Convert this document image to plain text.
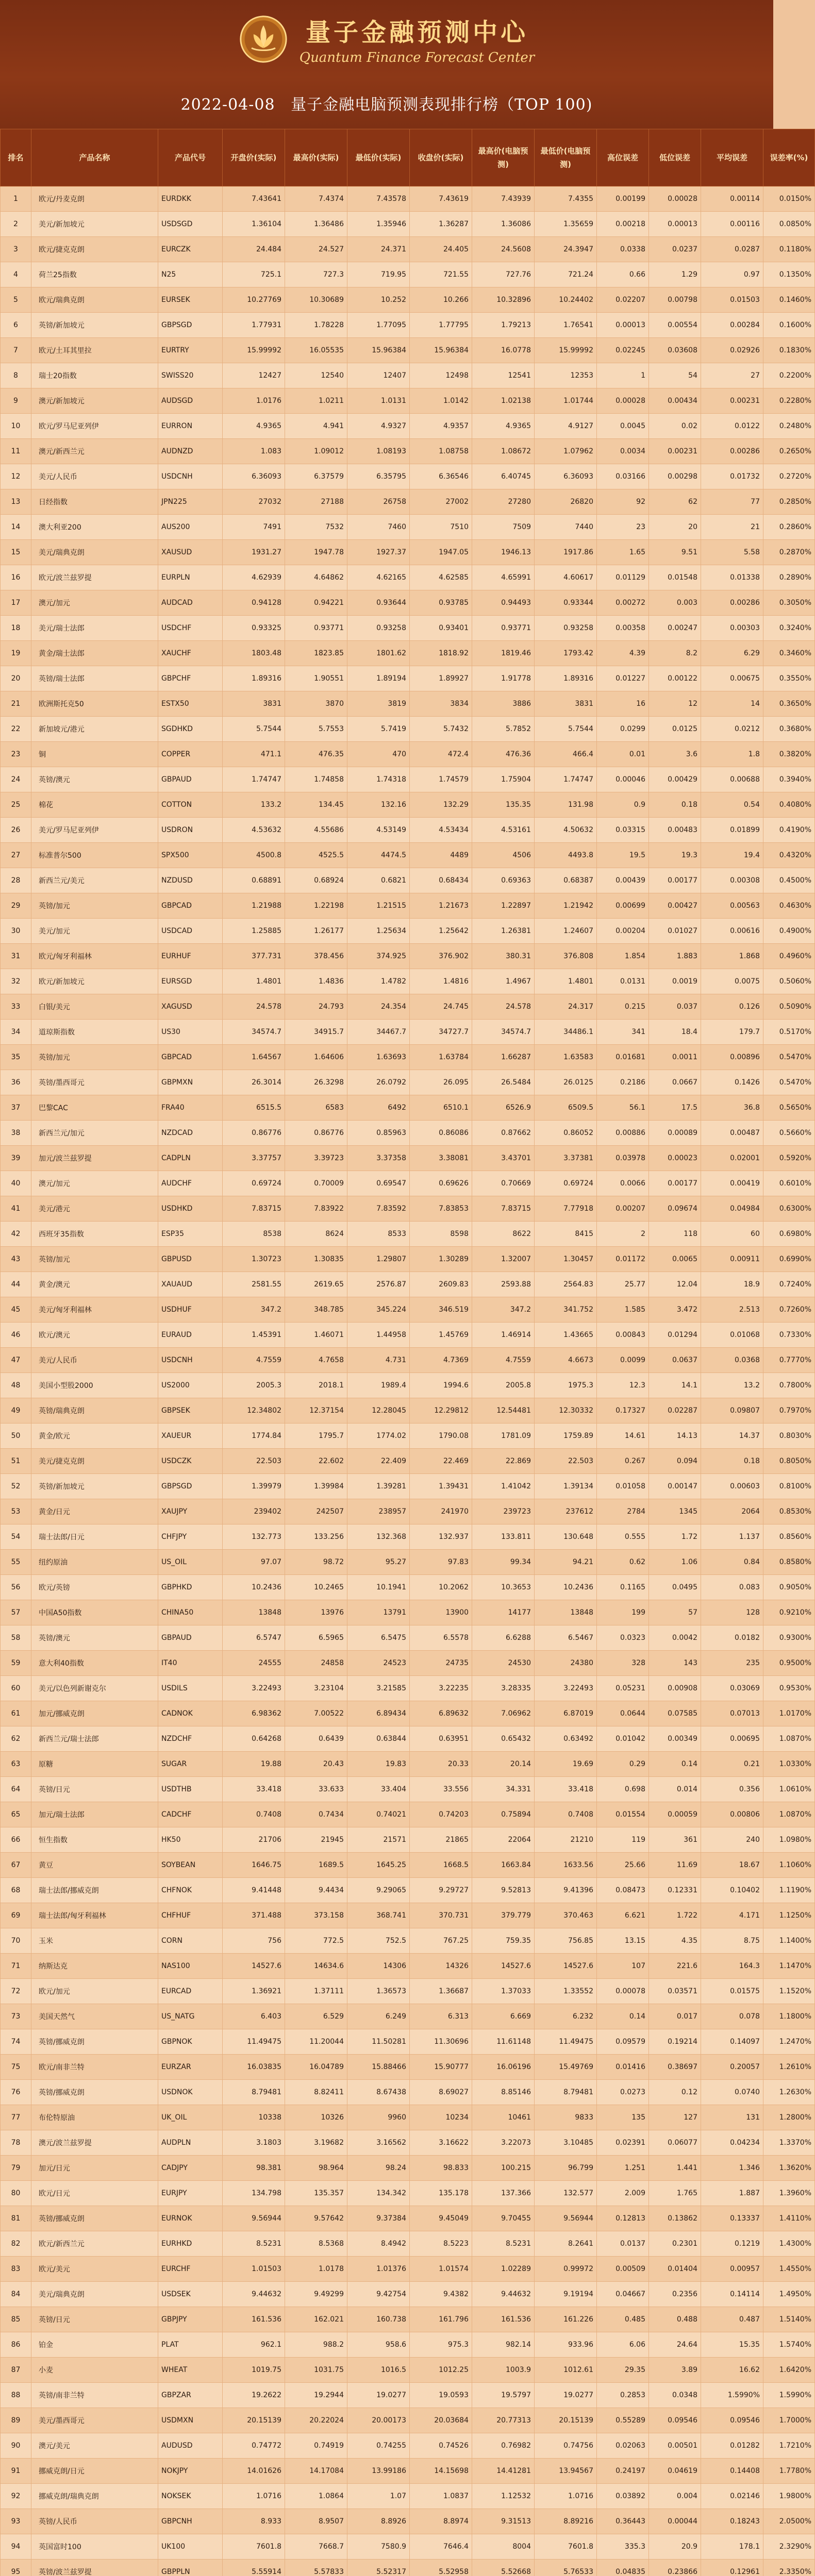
量子金融预测中心
Quantum Finance Forecast Center
2022-04-08 量子金融电脑预测表现排行榜（TOP 100)
排名	产品名称	产品代号	开盘价(实际)	最高价(实际)	最低价(实际)	收盘价(实际)	最高价(电脑预测)	最低价(电脑预测)	高位误差	低位误差	平均误差	误差率(%)
1	欧元/丹麦克朗	EURDKK	7.43641	7.4374	7.43578	7.43619	7.43939	7.4355	0.00199	0.00028	0.00114	0.0150%
2	美元/新加坡元	USDSGD	1.36104	1.36486	1.35946	1.36287	1.36086	1.35659	0.00218	0.00013	0.00116	0.0850%
3	欧元/捷克克朗	EURCZK	24.484	24.527	24.371	24.405	24.5608	24.3947	0.0338	0.0237	0.0287	0.1180%
4	荷兰25指数	N25	725.1	727.3	719.95	721.55	727.76	721.24	0.66	1.29	0.97	0.1350%
5	欧元/瑞典克朗	EURSEK	10.27769	10.30689	10.252	10.266	10.32896	10.24402	0.02207	0.00798	0.01503	0.1460%
6	英镑/新加坡元	GBPSGD	1.77931	1.78228	1.77095	1.77795	1.79213	1.76541	0.00013	0.00554	0.00284	0.1600%
7	欧元/土耳其里拉	EURTRY	15.99992	16.05535	15.96384	15.96384	16.0778	15.99992	0.02245	0.03608	0.02926	0.1830%
8	瑞士20指数	SWISS20	12427	12540	12407	12498	12541	12353	1	54	27	0.2200%
9	澳元/新加坡元	AUDSGD	1.0176	1.0211	1.0131	1.0142	1.02138	1.01744	0.00028	0.00434	0.00231	0.2280%
10	欧元/罗马尼亚列伊	EURRON	4.9365	4.941	4.9327	4.9357	4.9365	4.9127	0.0045	0.02	0.0122	0.2480%
11	澳元/新西兰元	AUDNZD	1.083	1.09012	1.08193	1.08758	1.08672	1.07962	0.0034	0.00231	0.00286	0.2650%
12	美元/人民币	USDCNH	6.36093	6.37579	6.35795	6.36546	6.40745	6.36093	0.03166	0.00298	0.01732	0.2720%
13	日经指数	JPN225	27032	27188	26758	27002	27280	26820	92	62	77	0.2850%
14	澳大利亚200	AUS200	7491	7532	7460	7510	7509	7440	23	20	21	0.2860%
15	美元/瑞典克朗	XAUSUD	1931.27	1947.78	1927.37	1947.05	1946.13	1917.86	1.65	9.51	5.58	0.2870%
16	欧元/波兰兹罗提	EURPLN	4.62939	4.64862	4.62165	4.62585	4.65991	4.60617	0.01129	0.01548	0.01338	0.2890%
17	澳元/加元	AUDCAD	0.94128	0.94221	0.93644	0.93785	0.94493	0.93344	0.00272	0.003	0.00286	0.3050%
18	美元/瑞士法郎	USDCHF	0.93325	0.93771	0.93258	0.93401	0.93771	0.93258	0.00358	0.00247	0.00303	0.3240%
19	黄金/瑞士法郎	XAUCHF	1803.48	1823.85	1801.62	1818.92	1819.46	1793.42	4.39	8.2	6.29	0.3460%
20	英镑/瑞士法郎	GBPCHF	1.89316	1.90551	1.89194	1.89927	1.91778	1.89316	0.01227	0.00122	0.00675	0.3550%
21	欧洲斯托克50	ESTX50	3831	3870	3819	3834	3886	3831	16	12	14	0.3650%
22	新加坡元/港元	SGDHKD	5.7544	5.7553	5.7419	5.7432	5.7852	5.7544	0.0299	0.0125	0.0212	0.3680%
23	铜	COPPER	471.1	476.35	470	472.4	476.36	466.4	0.01	3.6	1.8	0.3820%
24	英镑/澳元	GBPAUD	1.74747	1.74858	1.74318	1.74579	1.75904	1.74747	0.00046	0.00429	0.00688	0.3940%
25	棉花	COTTON	133.2	134.45	132.16	132.29	135.35	131.98	0.9	0.18	0.54	0.4080%
26	美元/罗马尼亚列伊	USDRON	4.53632	4.55686	4.53149	4.53434	4.53161	4.50632	0.03315	0.00483	0.01899	0.4190%
27	标准普尔500	SPX500	4500.8	4525.5	4474.5	4489	4506	4493.8	19.5	19.3	19.4	0.4320%
28	新西兰元/美元	NZDUSD	0.68891	0.68924	0.6821	0.68434	0.69363	0.68387	0.00439	0.00177	0.00308	0.4500%
29	英镑/加元	GBPCAD	1.21988	1.22198	1.21515	1.21673	1.22897	1.21942	0.00699	0.00427	0.00563	0.4630%
30	美元/加元	USDCAD	1.25885	1.26177	1.25634	1.25642	1.26381	1.24607	0.00204	0.01027	0.00616	0.4900%
31	欧元/匈牙利福林	EURHUF	377.731	378.456	374.925	376.902	380.31	376.808	1.854	1.883	1.868	0.4960%
32	欧元/新加坡元	EURSGD	1.4801	1.4836	1.4782	1.4816	1.4967	1.4801	0.0131	0.0019	0.0075	0.5060%
33	白银/美元	XAGUSD	24.578	24.793	24.354	24.745	24.578	24.317	0.215	0.037	0.126	0.5090%
34	道琼斯指数	US30	34574.7	34915.7	34467.7	34727.7	34574.7	34486.1	341	18.4	179.7	0.5170%
35	英镑/加元	GBPCAD	1.64567	1.64606	1.63693	1.63784	1.66287	1.63583	0.01681	0.0011	0.00896	0.5470%
36	英镑/墨西哥元	GBPMXN	26.3014	26.3298	26.0792	26.095	26.5484	26.0125	0.2186	0.0667	0.1426	0.5470%
37	巴黎CAC	FRA40	6515.5	6583	6492	6510.1	6526.9	6509.5	56.1	17.5	36.8	0.5650%
38	新西兰元/加元	NZDCAD	0.86776	0.86776	0.85963	0.86086	0.87662	0.86052	0.00886	0.00089	0.00487	0.5660%
39	加元/波兰兹罗提	CADPLN	3.37757	3.39723	3.37358	3.38081	3.43701	3.37381	0.03978	0.00023	0.02001	0.5920%
40	澳元/加元	AUDCHF	0.69724	0.70009	0.69547	0.69626	0.70669	0.69724	0.0066	0.00177	0.00419	0.6010%
41	美元/港元	USDHKD	7.83715	7.83922	7.83592	7.83853	7.83715	7.77918	0.00207	0.09674	0.04984	0.6300%
42	西班牙35指数	ESP35	8538	8624	8533	8598	8622	8415	2	118	60	0.6980%
43	英镑/加元	GBPUSD	1.30723	1.30835	1.29807	1.30289	1.32007	1.30457	0.01172	0.0065	0.00911	0.6990%
44	黄金/澳元	XAUAUD	2581.55	2619.65	2576.87	2609.83	2593.88	2564.83	25.77	12.04	18.9	0.7240%
45	美元/匈牙利福林	USDHUF	347.2	348.785	345.224	346.519	347.2	341.752	1.585	3.472	2.513	0.7260%
46	欧元/澳元	EURAUD	1.45391	1.46071	1.44958	1.45769	1.46914	1.43665	0.00843	0.01294	0.01068	0.7330%
47	美元/人民币	USDCNH	4.7559	4.7658	4.731	4.7369	4.7559	4.6673	0.0099	0.0637	0.0368	0.7770%
48	美国小型股2000	US2000	2005.3	2018.1	1989.4	1994.6	2005.8	1975.3	12.3	14.1	13.2	0.7800%
49	英镑/瑞典克朗	GBPSEK	12.34802	12.37154	12.28045	12.29812	12.54481	12.30332	0.17327	0.02287	0.09807	0.7970%
50	黄金/欧元	XAUEUR	1774.84	1795.7	1774.02	1790.08	1781.09	1759.89	14.61	14.13	14.37	0.8030%
51	美元/捷克克朗	USDCZK	22.503	22.602	22.409	22.469	22.869	22.503	0.267	0.094	0.18	0.8050%
52	英镑/新加坡元	GBPSGD	1.39979	1.39984	1.39281	1.39431	1.41042	1.39134	0.01058	0.00147	0.00603	0.8100%
53	黄金/日元	XAUJPY	239402	242507	238957	241970	239723	237612	2784	1345	2064	0.8530%
54	瑞士法郎/日元	CHFJPY	132.773	133.256	132.368	132.937	133.811	130.648	0.555	1.72	1.137	0.8560%
55	纽约原油	US_OIL	97.07	98.72	95.27	97.83	99.34	94.21	0.62	1.06	0.84	0.8580%
56	欧元/英镑	GBPHKD	10.2436	10.2465	10.1941	10.2062	10.3653	10.2436	0.1165	0.0495	0.083	0.9050%
57	中国A50指数	CHINA50	13848	13976	13791	13900	14177	13848	199	57	128	0.9210%
58	英镑/澳元	GBPAUD	6.5747	6.5965	6.5475	6.5578	6.6288	6.5467	0.0323	0.0042	0.0182	0.9300%
59	意大利40指数	IT40	24555	24858	24523	24735	24530	24380	328	143	235	0.9500%
60	美元/以色列新谢克尔	USDILS	3.22493	3.23104	3.21585	3.22235	3.28335	3.22493	0.05231	0.00908	0.03069	0.9530%
61	加元/挪威克朗	CADNOK	6.98362	7.00522	6.89434	6.89632	7.06962	6.87019	0.0644	0.07585	0.07013	1.0170%
62	新西兰元/瑞士法郎	NZDCHF	0.64268	0.6439	0.63844	0.63951	0.65432	0.63492	0.01042	0.00349	0.00695	1.0870%
63	原糖	SUGAR	19.88	20.43	19.83	20.33	20.14	19.69	0.29	0.14	0.21	1.0330%
64	英镑/日元	USDTHB	33.418	33.633	33.404	33.556	34.331	33.418	0.698	0.014	0.356	1.0610%
65	加元/瑞士法郎	CADCHF	0.7408	0.7434	0.74021	0.74203	0.75894	0.7408	0.01554	0.00059	0.00806	1.0870%
66	恒生指数	HK50	21706	21945	21571	21865	22064	21210	119	361	240	1.0980%
67	黄豆	SOYBEAN	1646.75	1689.5	1645.25	1668.5	1663.84	1633.56	25.66	11.69	18.67	1.1060%
68	瑞士法郎/挪威克朗	CHFNOK	9.41448	9.4434	9.29065	9.29727	9.52813	9.41396	0.08473	0.12331	0.10402	1.1190%
69	瑞士法郎/匈牙利福林	CHFHUF	371.488	373.158	368.741	370.731	379.779	370.463	6.621	1.722	4.171	1.1250%
70	玉米	CORN	756	772.5	752.5	767.25	759.35	756.85	13.15	4.35	8.75	1.1400%
71	纳斯达克	NAS100	14527.6	14634.6	14306	14326	14527.6	14527.6	107	221.6	164.3	1.1470%
72	欧元/加元	EURCAD	1.36921	1.37111	1.36573	1.36687	1.37033	1.33552	0.00078	0.03571	0.01575	1.1520%
73	美国天然气	US_NATG	6.403	6.529	6.249	6.313	6.669	6.232	0.14	0.017	0.078	1.1800%
74	英镑/挪威克朗	GBPNOK	11.49475	11.20044	11.50281	11.30696	11.61148	11.49475	0.09579	0.19214	0.14097	1.2470%
75	欧元/南非兰特	EURZAR	16.03835	16.04789	15.88466	15.90777	16.06196	15.49769	0.01416	0.38697	0.20057	1.2610%
76	英镑/挪威克朗	USDNOK	8.79481	8.82411	8.67438	8.69027	8.85146	8.79481	0.0273	0.12	0.0740	1.2630%
77	布伦特原油	UK_OIL	10338	10326	9960	10234	10461	9833	135	127	131	1.2800%
78	澳元/波兰兹罗提	AUDPLN	3.1803	3.19682	3.16562	3.16622	3.22073	3.10485	0.02391	0.06077	0.04234	1.3370%
79	加元/日元	CADJPY	98.381	98.964	98.24	98.833	100.215	96.799	1.251	1.441	1.346	1.3620%
80	欧元/日元	EURJPY	134.798	135.357	134.342	135.178	137.366	132.577	2.009	1.765	1.887	1.3960%
81	英镑/挪威克朗	EURNOK	9.56944	9.57642	9.37384	9.45049	9.70455	9.56944	0.12813	0.13862	0.13337	1.4110%
82	欧元/新西兰元	EURHKD	8.5231	8.5368	8.4942	8.5223	8.5231	8.2641	0.0137	0.2301	0.1219	1.4300%
83	欧元/美元	EURCHF	1.01503	1.0178	1.01376	1.01574	1.02289	0.99972	0.00509	0.01404	0.00957	1.4550%
84	美元/瑞典克朗	USDSEK	9.44632	9.49299	9.42754	9.4382	9.44632	9.19194	0.04667	0.2356	0.14114	1.4950%
85	英镑/日元	GBPJPY	161.536	162.021	160.738	161.796	161.536	161.226	0.485	0.488	0.487	1.5140%
86	铂金	PLAT	962.1	988.2	958.6	975.3	982.14	933.96	6.06	24.64	15.35	1.5740%
87	小麦	WHEAT	1019.75	1031.75	1016.5	1012.25	1003.9	1012.61	29.35	3.89	16.62	1.6420%
88	英镑/南非兰特	GBPZAR	19.2622	19.2944	19.0277	19.0593	19.5797	19.0277	0.2853	0.0348	1.5990%	1.5990%
89	美元/墨西哥元	USDMXN	20.15139	20.22024	20.00173	20.03684	20.77313	20.15139	0.55289	0.09546	0.09546	1.7000%
90	澳元/美元	AUDUSD	0.74772	0.74919	0.74255	0.74526	0.76982	0.74756	0.02063	0.00501	0.01282	1.7210%
91	挪威克朗/日元	NOKJPY	14.01626	14.17084	13.99186	14.15698	14.41281	13.94567	0.24197	0.04619	0.14408	1.7780%
92	挪威克朗/瑞典克朗	NOKSEK	1.0716	1.0864	1.07	1.0837	1.12532	1.0716	0.03892	0.004	0.02146	1.9800%
93	英镑/人民币	GBPCNH	8.933	8.9507	8.8926	8.8974	9.31513	8.89216	0.36443	0.00044	0.18243	2.0500%
94	英国富时100	UK100	7601.8	7668.7	7580.9	7646.4	8004	7601.8	335.3	20.9	178.1	2.3290%
95	英镑/波兰兹罗提	GBPPLN	5.55914	5.57833	5.52317	5.52958	5.52668	5.76533	0.04835	0.23866	0.12961	2.3350%
